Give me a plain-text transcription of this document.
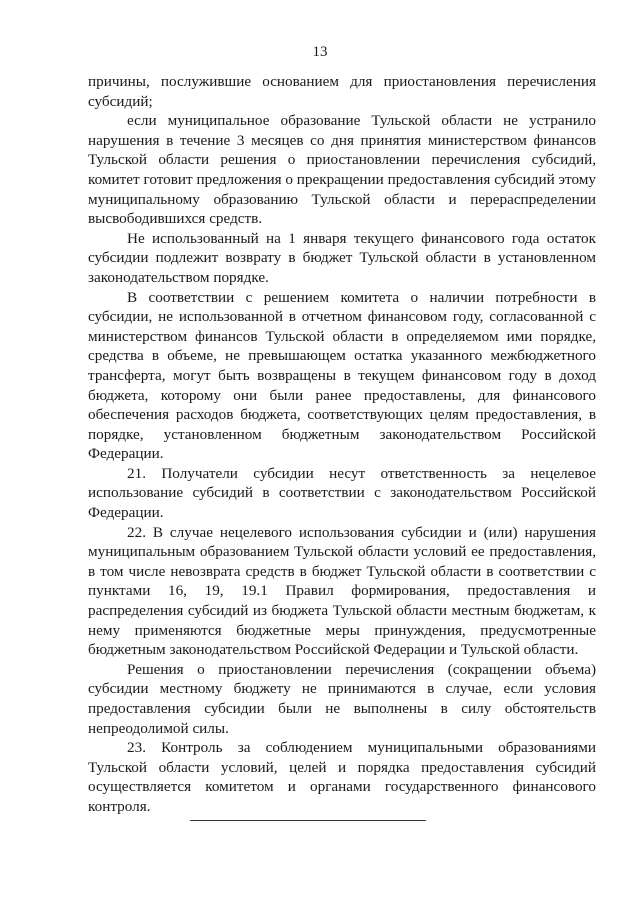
13

причины, послужившие основанием для приостановления перечисления субсидий;

если муниципальное образование Тульской области не устранило нарушения в течение 3 месяцев со дня принятия министерством финансов Тульской области решения о приостановлении перечисления субсидий, комитет готовит предложения о прекращении предоставления субсидий этому муниципальному образованию Тульской области и перераспределении высвободившихся средств.

Не использованный на 1 января текущего финансового года остаток субсидии подлежит возврату в бюджет Тульской области в установленном законодательством порядке.

В соответствии с решением комитета о наличии потребности в субсидии, не использованной в отчетном финансовом году, согласованной с министерством финансов Тульской области в определяемом ими порядке, средства в объеме, не превышающем остатка указанного межбюджетного трансферта, могут быть возвращены в текущем финансовом году в доход бюджета, которому они были ранее предоставлены, для финансового обеспечения расходов бюджета, соответствующих целям предоставления, в порядке, установленном бюджетным законодательством Российской Федерации.

21. Получатели субсидии несут ответственность за нецелевое использование субсидий в соответствии с законодательством Российской Федерации.

22. В случае нецелевого использования субсидии и (или) нарушения муниципальным образованием Тульской области условий ее предоставления, в том числе невозврата средств в бюджет Тульской области в соответствии с пунктами 16, 19, 19.1 Правил формирования, предоставления и распределения субсидий из бюджета Тульской области местным бюджетам, к нему применяются бюджетные меры принуждения, предусмотренные бюджетным законодательством Российской Федерации и Тульской области.

Решения о приостановлении перечисления (сокращении объема) субсидии местному бюджету не принимаются в случае, если условия предоставления субсидии были не выполнены в силу обстоятельств непреодолимой силы.

23. Контроль за соблюдением муниципальными образованиями Тульской области условий, целей и порядка предоставления субсидий осуществляется комитетом и органами государственного финансового контроля.
